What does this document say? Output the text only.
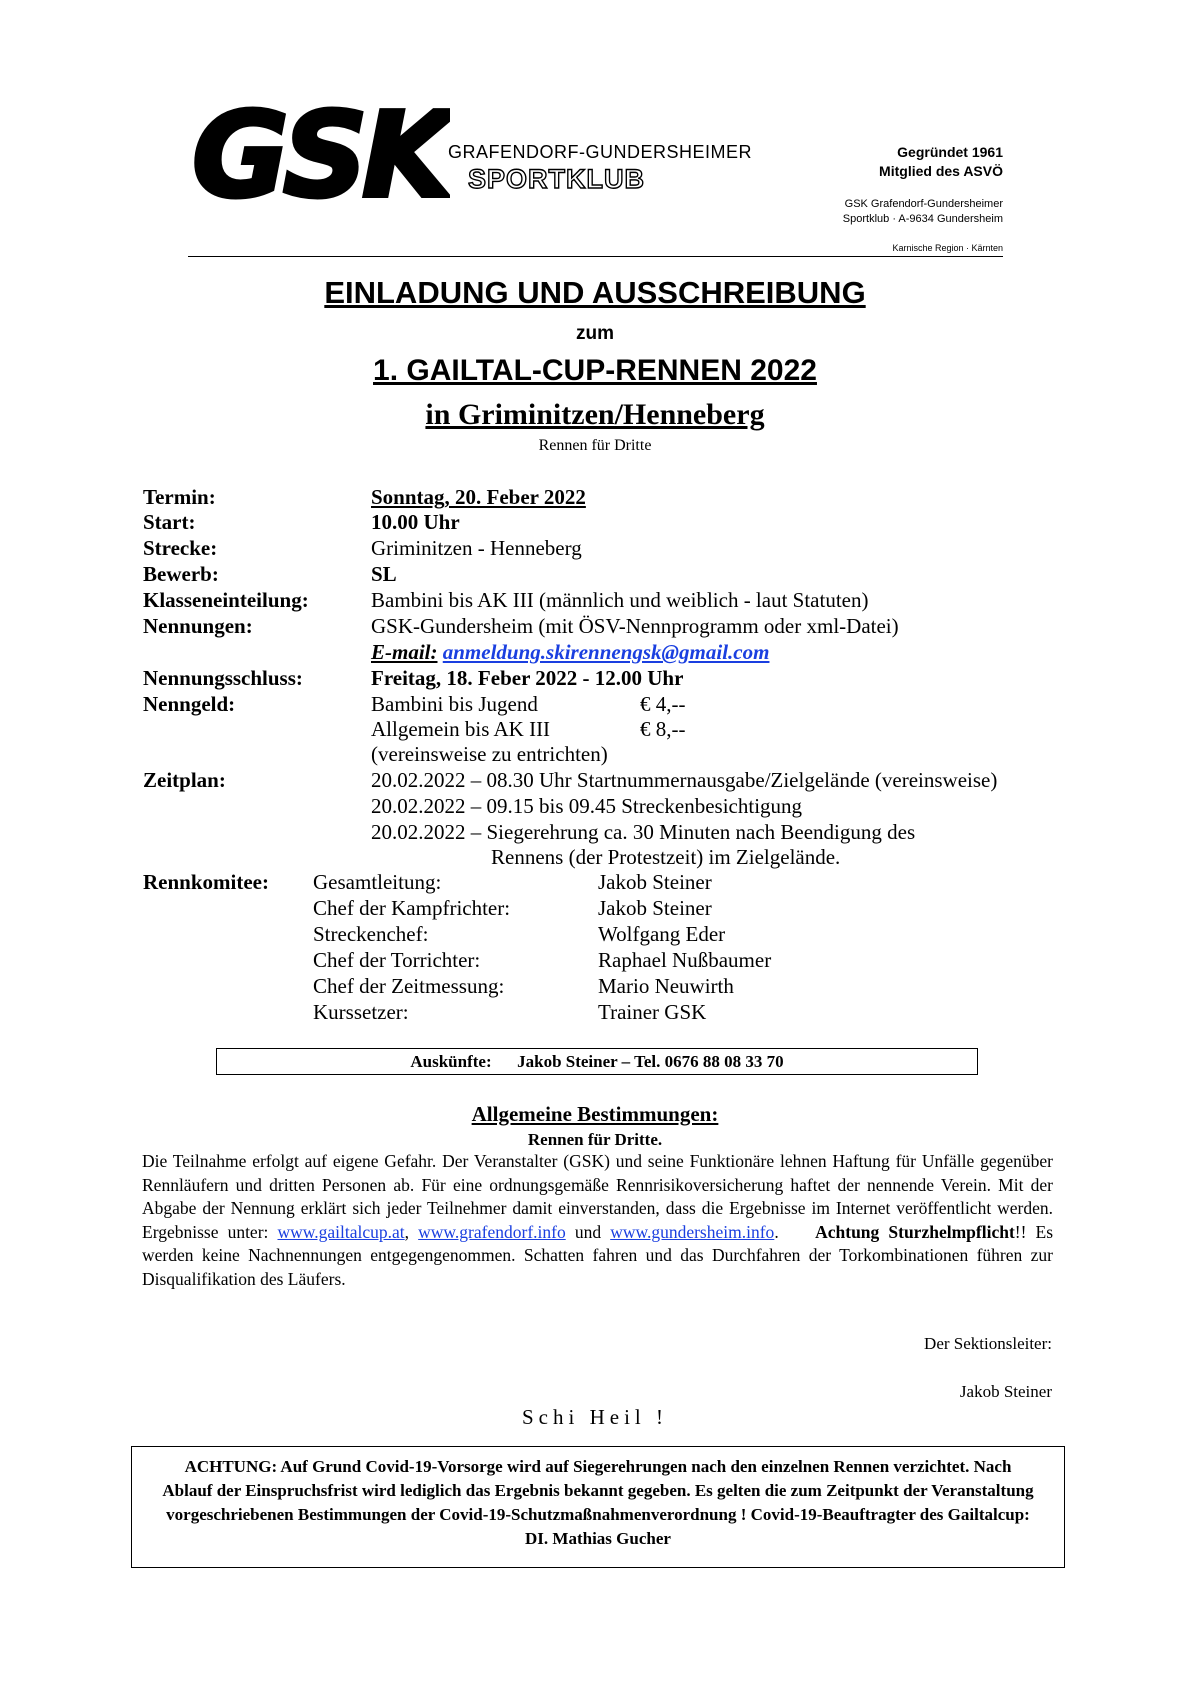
GSK GRAFENDORF-GUNDERSHEIMER
SPORTKLUB
Gegründet 1961
Mitglied des ASVÖ
GSK Grafendorf-Gundersheimer
Sportklub · A-9634 Gundersheim
Karnische Region · Kärnten
EINLADUNG UND AUSSCHREIBUNG
zum
1. GAILTAL-CUP-RENNEN 2022
in Griminitzen/Henneberg
Rennen für Dritte
Termin:	Sonntag, 20. Feber 2022
Start:	10.00 Uhr
Strecke:	Griminitzen - Henneberg
Bewerb:	SL
Klasseneinteilung:	Bambini bis AK III (männlich und weiblich - laut Statuten)
Nennungen:	GSK-Gundersheim (mit ÖSV-Nennprogramm oder xml-Datei)
E-mail: anmeldung.skirennengsk@gmail.com
Nennungsschluss:	Freitag, 18. Feber 2022 - 12.00 Uhr
Nenngeld:	Bambini bis Jugend	€ 4,--
Allgemein bis AK III	€ 8,--
(vereinsweise zu entrichten)
Zeitplan:	20.02.2022 – 08.30 Uhr Startnummernausgabe/Zielgelände (vereinsweise)
20.02.2022 – 09.15 bis 09.45 Streckenbesichtigung
20.02.2022 – Siegerehrung ca. 30 Minuten nach Beendigung des
Rennens (der Protestzeit) im Zielgelände.
Rennkomitee: Gesamtleitung:	Jakob Steiner
Chef der Kampfrichter:	Jakob Steiner
Streckenchef:	Wolfgang Eder
Chef der Torrichter:	Raphael Nußbaumer
Chef der Zeitmessung:	Mario Neuwirth
Kurssetzer:	Trainer GSK
Auskünfte: Jakob Steiner – Tel. 0676 88 08 33 70
Allgemeine Bestimmungen:
Rennen für Dritte.
Die Teilnahme erfolgt auf eigene Gefahr. Der Veranstalter (GSK) und seine Funktionäre lehnen Haftung für Unfälle gegenüber Rennläufern und dritten Personen ab. Für eine ordnungsgemäße Rennrisikoversicherung haftet der nennende Verein. Mit der Abgabe der Nennung erklärt sich jeder Teilnehmer damit einverstanden, dass die Ergebnisse im Internet veröffentlicht werden. Ergebnisse unter: www.gailtalcup.at, www.grafendorf.info und www.gundersheim.info.    Achtung Sturzhelmpflicht!! Es werden keine Nachnennungen entgegengenommen. Schatten fahren und das Durchfahren der Torkombinationen führen zur Disqualifikation des Läufers.
Der Sektionsleiter:
Jakob Steiner
Schi Heil !
ACHTUNG: Auf Grund Covid-19-Vorsorge wird auf Siegerehrungen nach den einzelnen Rennen verzichtet. Nach Ablauf der Einspruchsfrist wird lediglich das Ergebnis bekannt gegeben. Es gelten die zum Zeitpunkt der Veranstaltung vorgeschriebenen Bestimmungen der Covid-19-Schutzmaßnahmenverordnung ! Covid-19-Beauftragter des Gailtalcup: DI. Mathias Gucher
